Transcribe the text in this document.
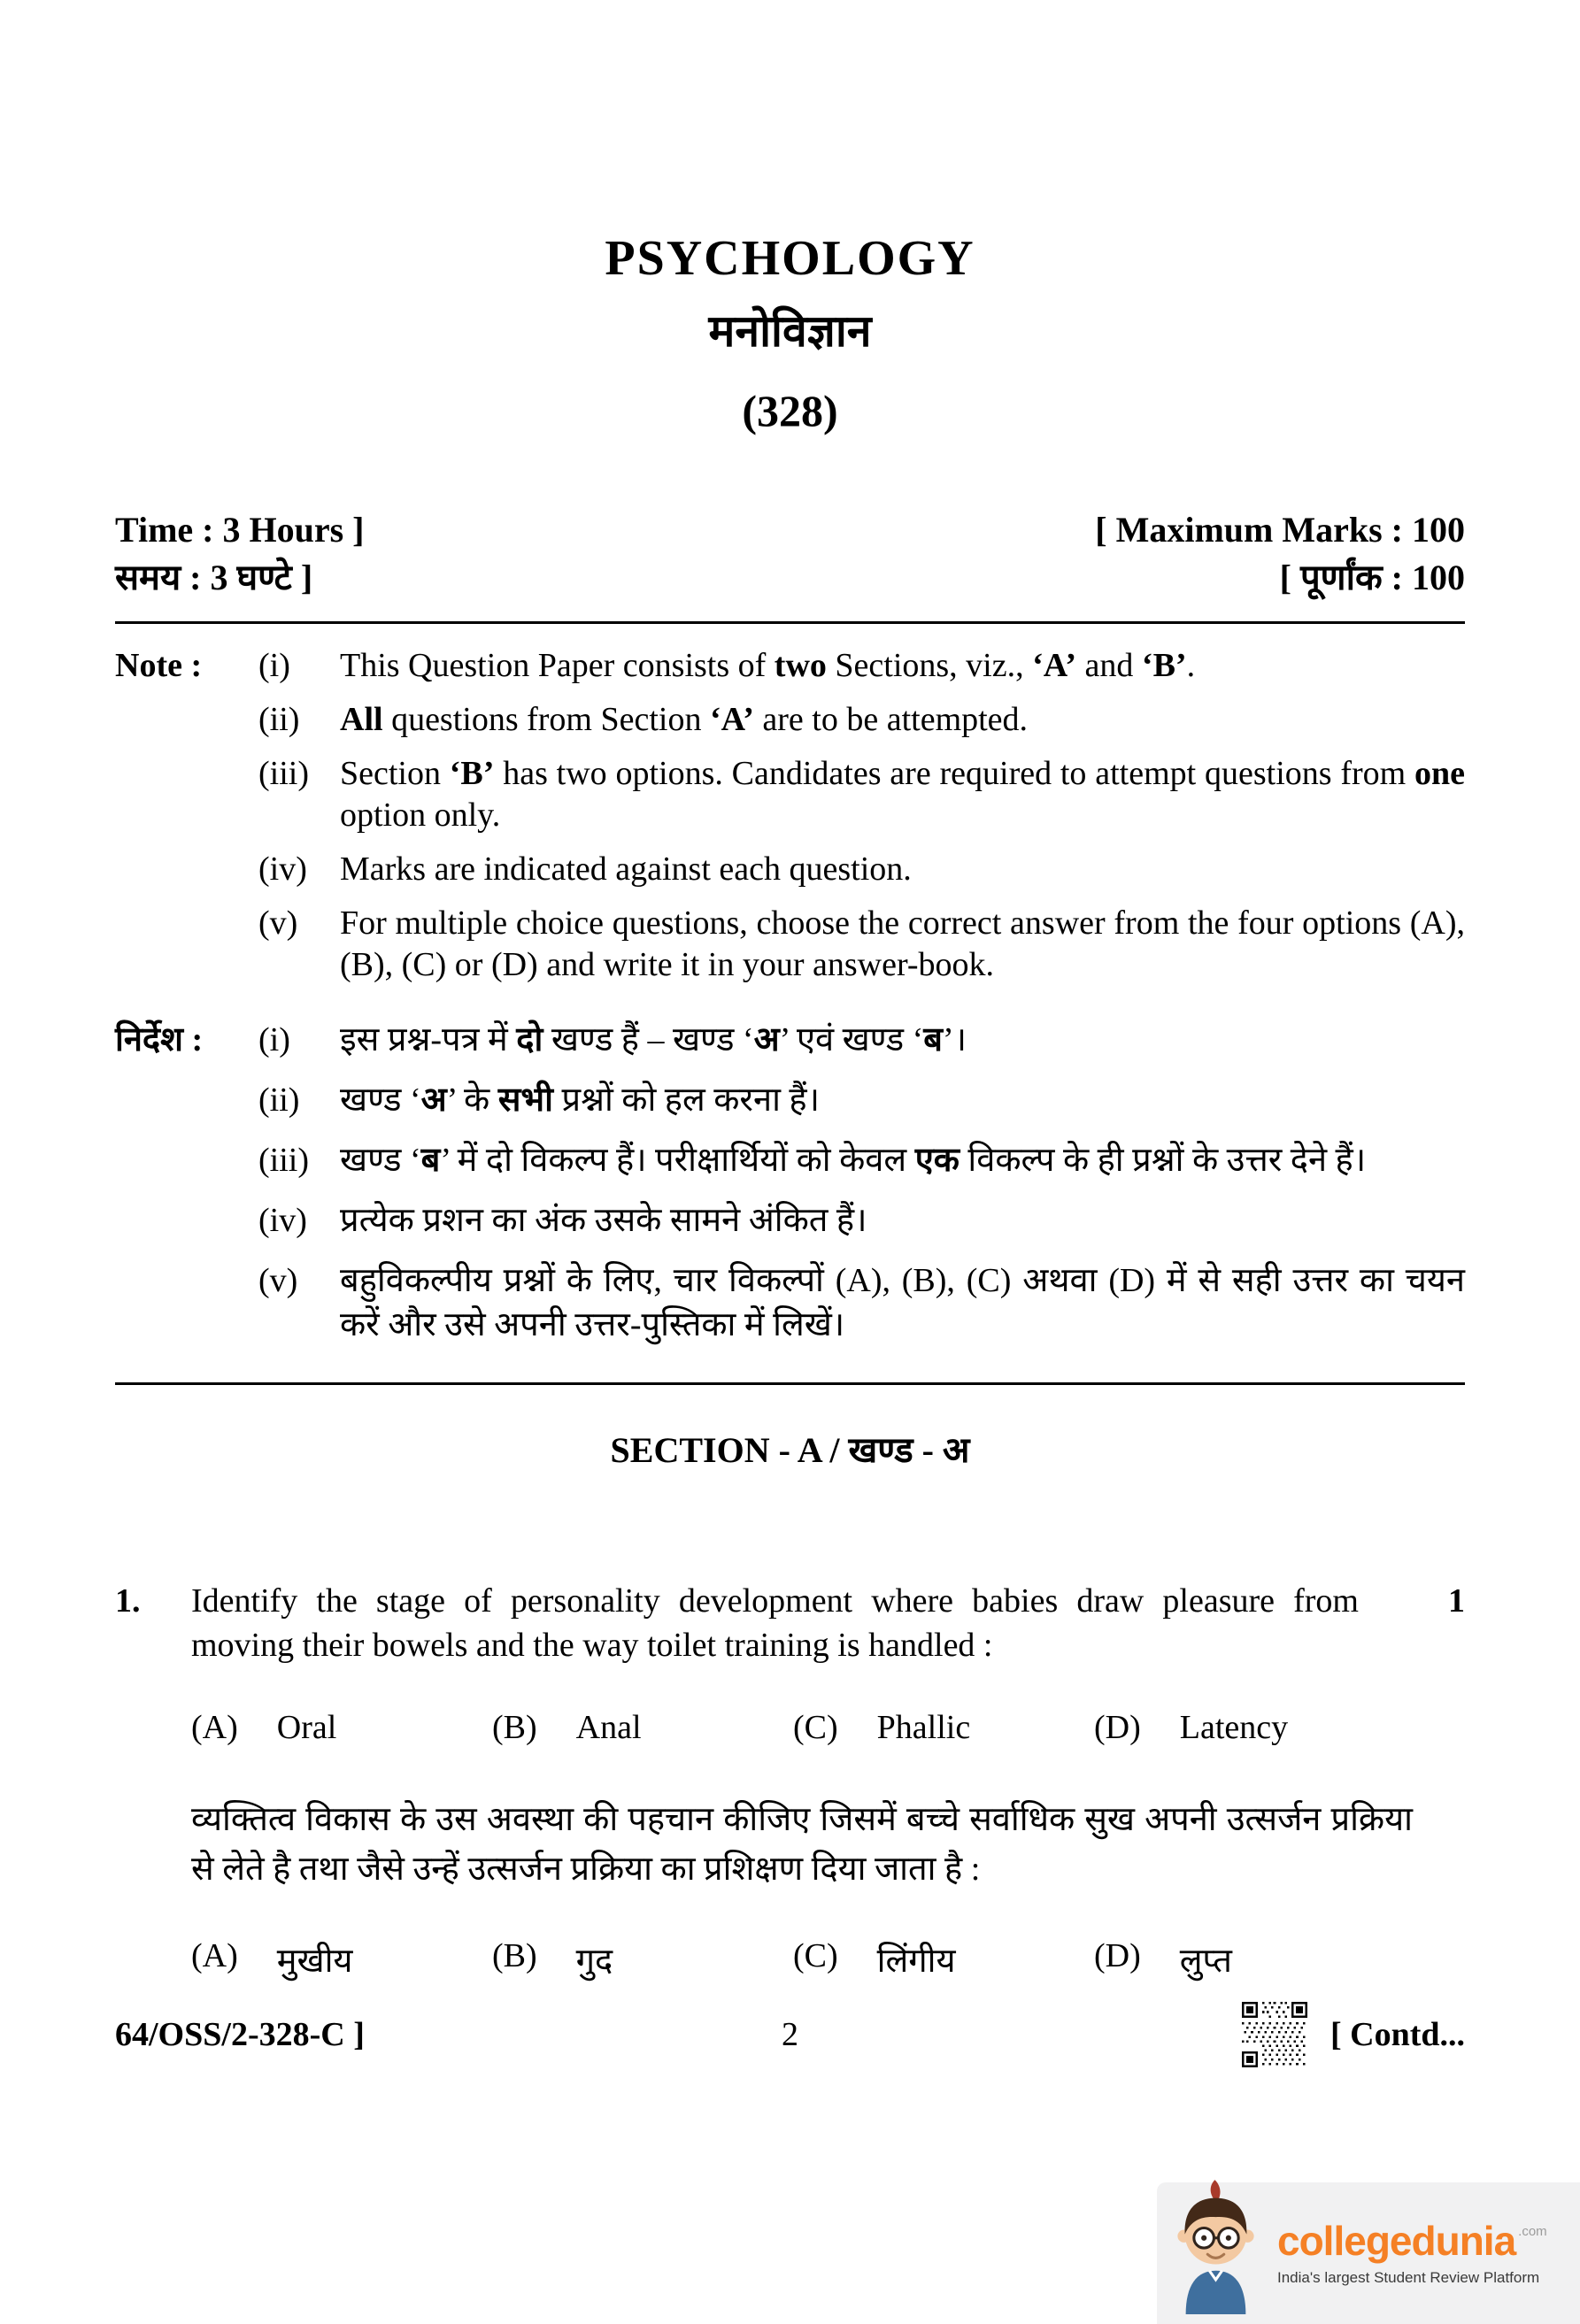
PSYCHOLOGY
मनोविज्ञान
(328)
Time : 3 Hours ]
समय : 3 घण्टे ]
[ Maximum Marks : 100
[ पूर्णांक : 100
Note :	(i)	This Question Paper consists of two Sections, viz., ‘A’ and ‘B’.
(ii)	All questions from Section ‘A’ are to be attempted.
(iii) Section ‘B’ has two options. Candidates are required to attempt questions from one option only.
(iv) Marks are indicated against each question.
(v)	For multiple choice questions, choose the correct answer from the four options (A), (B), (C) or (D) and write it in your answer-book.
निर्देश :	(i)	इस प्रश्न-पत्र में दो खण्ड हैं – खण्ड ‘अ’ एवं खण्ड ‘ब’।
(ii)	खण्ड ‘अ’ के सभी प्रश्नों को हल करना हैं।
(iii) खण्ड ‘ब’ में दो विकल्प हैं। परीक्षार्थियों को केवल एक विकल्प के ही प्रश्नों के उत्तर देने हैं।
(iv) प्रत्येक प्रशन का अंक उसके सामने अंकित हैं।
(v)	बहुविकल्पीय प्रश्नों के लिए, चार विकल्पों (A), (B), (C) अथवा (D) में से सही उत्तर का चयन करें और उसे अपनी उत्तर-पुस्तिका में लिखें।
SECTION - A / खण्ड - अ
1.	Identify the stage of personality development where babies draw pleasure from moving their bowels and the way toilet training is handled :
1
(A) Oral	(B) Anal	(C) Phallic	(D) Latency
व्यक्तित्व विकास के उस अवस्था की पहचान कीजिए जिसमें बच्चे सर्वाधिक सुख अपनी उत्सर्जन प्रक्रिया से लेते है तथा जैसे उन्हें उत्सर्जन प्रक्रिया का प्रशिक्षण दिया जाता है :
(A) मुखीय	(B) गुद	(C) लिंगीय	(D) लुप्त
64/OSS/2-328-C ]	2	[ Contd...
collegedunia .com
India's largest Student Review Platform
